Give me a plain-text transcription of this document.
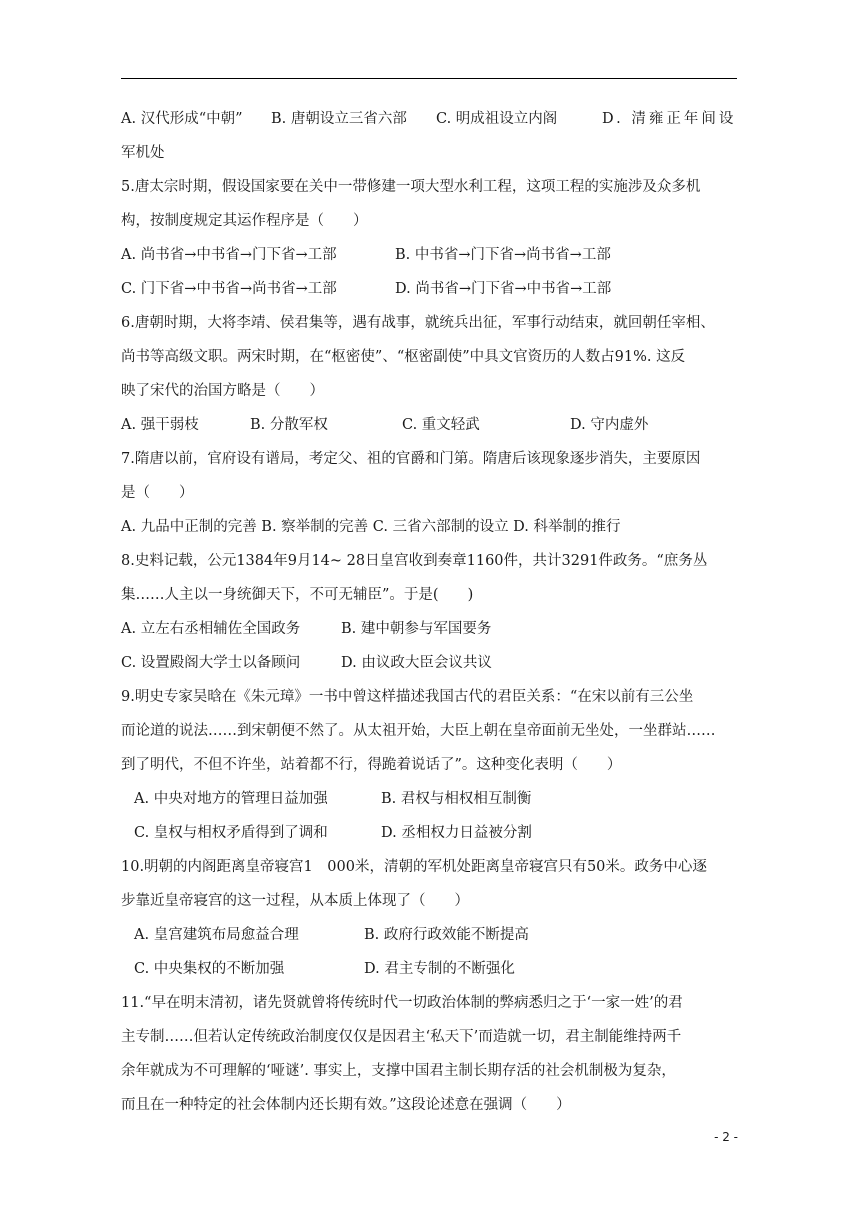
A. 汉代形成“中朝”	B. 唐朝设立三省六部	C. 明成祖设立内阁	D. 清雍正年间设
军机处
5.唐太宗时期，假设国家要在关中一带修建一项大型水利工程，这项工程的实施涉及众多机
构，按制度规定其运作程序是（　　）
A. 尚书省→中书省→门下省→工部	B. 中书省→门下省→尚书省→工部
C. 门下省→中书省→尚书省→工部	D. 尚书省→门下省→中书省→工部
6.唐朝时期，大将李靖、侯君集等，遇有战事，就统兵出征，军事行动结束，就回朝任宰相、
尚书等高级文职。两宋时期，在“枢密使”、“枢密副使”中具文官资历的人数占91%. 这反
映了宋代的治国方略是（　　）
A. 强干弱枝	B. 分散军权	C. 重文轻武	D. 守内虚外
7.隋唐以前，官府设有谱局，考定父、祖的官爵和门第。隋唐后该现象逐步消失，主要原因
是（　　）
A. 九品中正制的完善 B. 察举制的完善 C. 三省六部制的设立 D. 科举制的推行
8.史料记载，公元1384年9月14~ 28日皇宫收到奏章1160件，共计3291件政务。“庶务丛
集……人主以一身统御天下，不可无辅臣”。于是(　　)
A. 立左右丞相辅佐全国政务	B. 建中朝参与军国要务
C. 设置殿阁大学士以备顾问	D. 由议政大臣会议共议
9.明史专家吴晗在《朱元璋》一书中曾这样描述我国古代的君臣关系：“在宋以前有三公坐
而论道的说法……到宋朝便不然了。从太祖开始，大臣上朝在皇帝面前无坐处，一坐群站……
到了明代，不但不许坐，站着都不行，得跪着说话了”。这种变化表明（　　）
A. 中央对地方的管理日益加强	B. 君权与相权相互制衡
C. 皇权与相权矛盾得到了调和	D. 丞相权力日益被分割
10.明朝的内阁距离皇帝寝宫1　000米，清朝的军机处距离皇帝寝宫只有50米。政务中心逐
步靠近皇帝寝宫的这一过程，从本质上体现了（　　）
A. 皇宫建筑布局愈益合理	B. 政府行政效能不断提高
C. 中央集权的不断加强	D. 君主专制的不断强化
11.“早在明末清初，诸先贤就曾将传统时代一切政治体制的弊病悉归之于‘一家一姓’的君
主专制……但若认定传统政治制度仅仅是因君主‘私天下’而造就一切，君主制能维持两千
余年就成为不可理解的‘哑谜’. 事实上，支撑中国君主制长期存活的社会机制极为复杂，
而且在一种特定的社会体制内还长期有效。”这段论述意在强调（　　）
- 2 -
